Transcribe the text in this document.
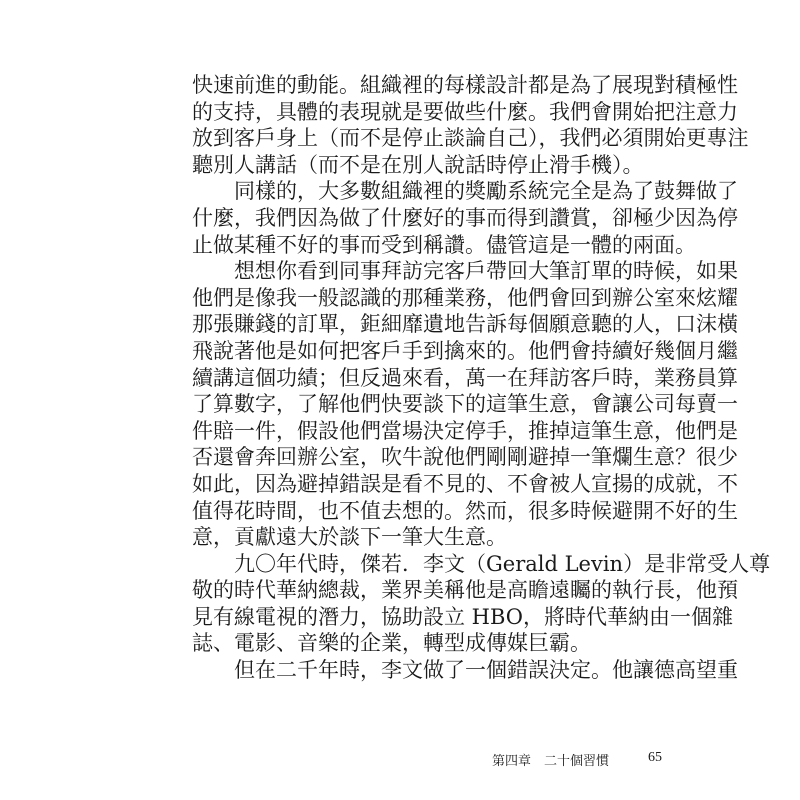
快速前進的動能。組織裡的每樣設計都是為了展現對積極性
的支持，具體的表現就是要做些什麼。我們會開始把注意力
放到客戶身上（而不是停止談論自己），我們必須開始更專注
聽別人講話（而不是在別人說話時停止滑手機）。
　　同樣的，大多數組織裡的獎勵系統完全是為了鼓舞做了
什麼，我們因為做了什麼好的事而得到讚賞，卻極少因為停
止做某種不好的事而受到稱讚。儘管這是一體的兩面。
　　想想你看到同事拜訪完客戶帶回大筆訂單的時候，如果
他們是像我一般認識的那種業務，他們會回到辦公室來炫耀
那張賺錢的訂單，鉅細靡遺地告訴每個願意聽的人，口沫橫
飛說著他是如何把客戶手到擒來的。他們會持續好幾個月繼
續講這個功績；但反過來看，萬一在拜訪客戶時，業務員算
了算數字，了解他們快要談下的這筆生意，會讓公司每賣一
件賠一件，假設他們當場決定停手，推掉這筆生意，他們是
否還會奔回辦公室，吹牛說他們剛剛避掉一筆爛生意？很少
如此，因為避掉錯誤是看不見的、不會被人宣揚的成就，不
值得花時間，也不值去想的。然而，很多時候避開不好的生
意，貢獻遠大於談下一筆大生意。
　　九〇年代時，傑若．李文（Gerald Levin）是非常受人尊
敬的時代華納總裁，業界美稱他是高瞻遠矚的執行長，他預
見有線電視的潛力，協助設立 HBO，將時代華納由一個雜
誌、電影、音樂的企業，轉型成傳媒巨霸。
　　但在二千年時，李文做了一個錯誤決定。他讓德高望重
第四章　二十個習慣	65
